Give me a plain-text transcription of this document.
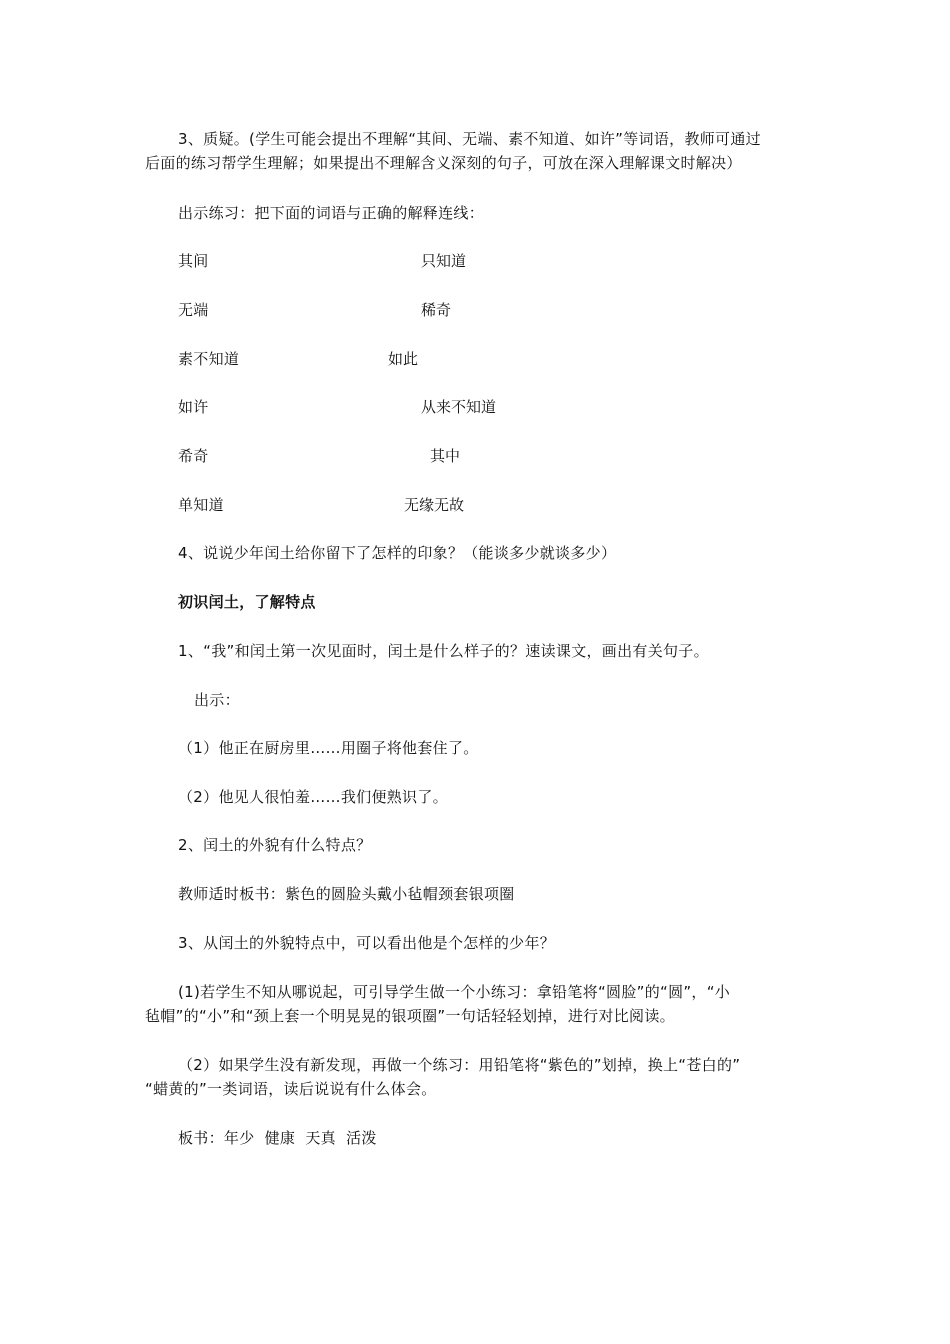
3、质疑。(学生可能会提出不理解“其间、无端、素不知道、如许”等词语，教师可通过
后面的练习帮学生理解；如果提出不理解含义深刻的句子，可放在深入理解课文时解决）
出示练习：把下面的词语与正确的解释连线：
其间	只知道
无端	稀奇
素不知道	如此
如许	从来不知道
希奇	其中
单知道	无缘无故
4、说说少年闰土给你留下了怎样的印象？（能谈多少就谈多少）
初识闰土，了解特点
1、“我”和闰土第一次见面时，闰土是什么样子的？速读课文，画出有关句子。
出示：
（1）他正在厨房里……用圈子将他套住了。
（2）他见人很怕羞……我们便熟识了。
2、闰土的外貌有什么特点？
教师适时板书：紫色的圆脸头戴小毡帽颈套银项圈
3、从闰土的外貌特点中，可以看出他是个怎样的少年？
(1)若学生不知从哪说起，可引导学生做一个小练习：拿铅笔将“圆脸”的“圆”，“小
毡帽”的“小”和“颈上套一个明晃晃的银项圈”一句话轻轻划掉，进行对比阅读。
（2）如果学生没有新发现，再做一个练习：用铅笔将“紫色的”划掉，换上“苍白的”
“蜡黄的”一类词语，读后说说有什么体会。
板书：年少  健康  天真  活泼
